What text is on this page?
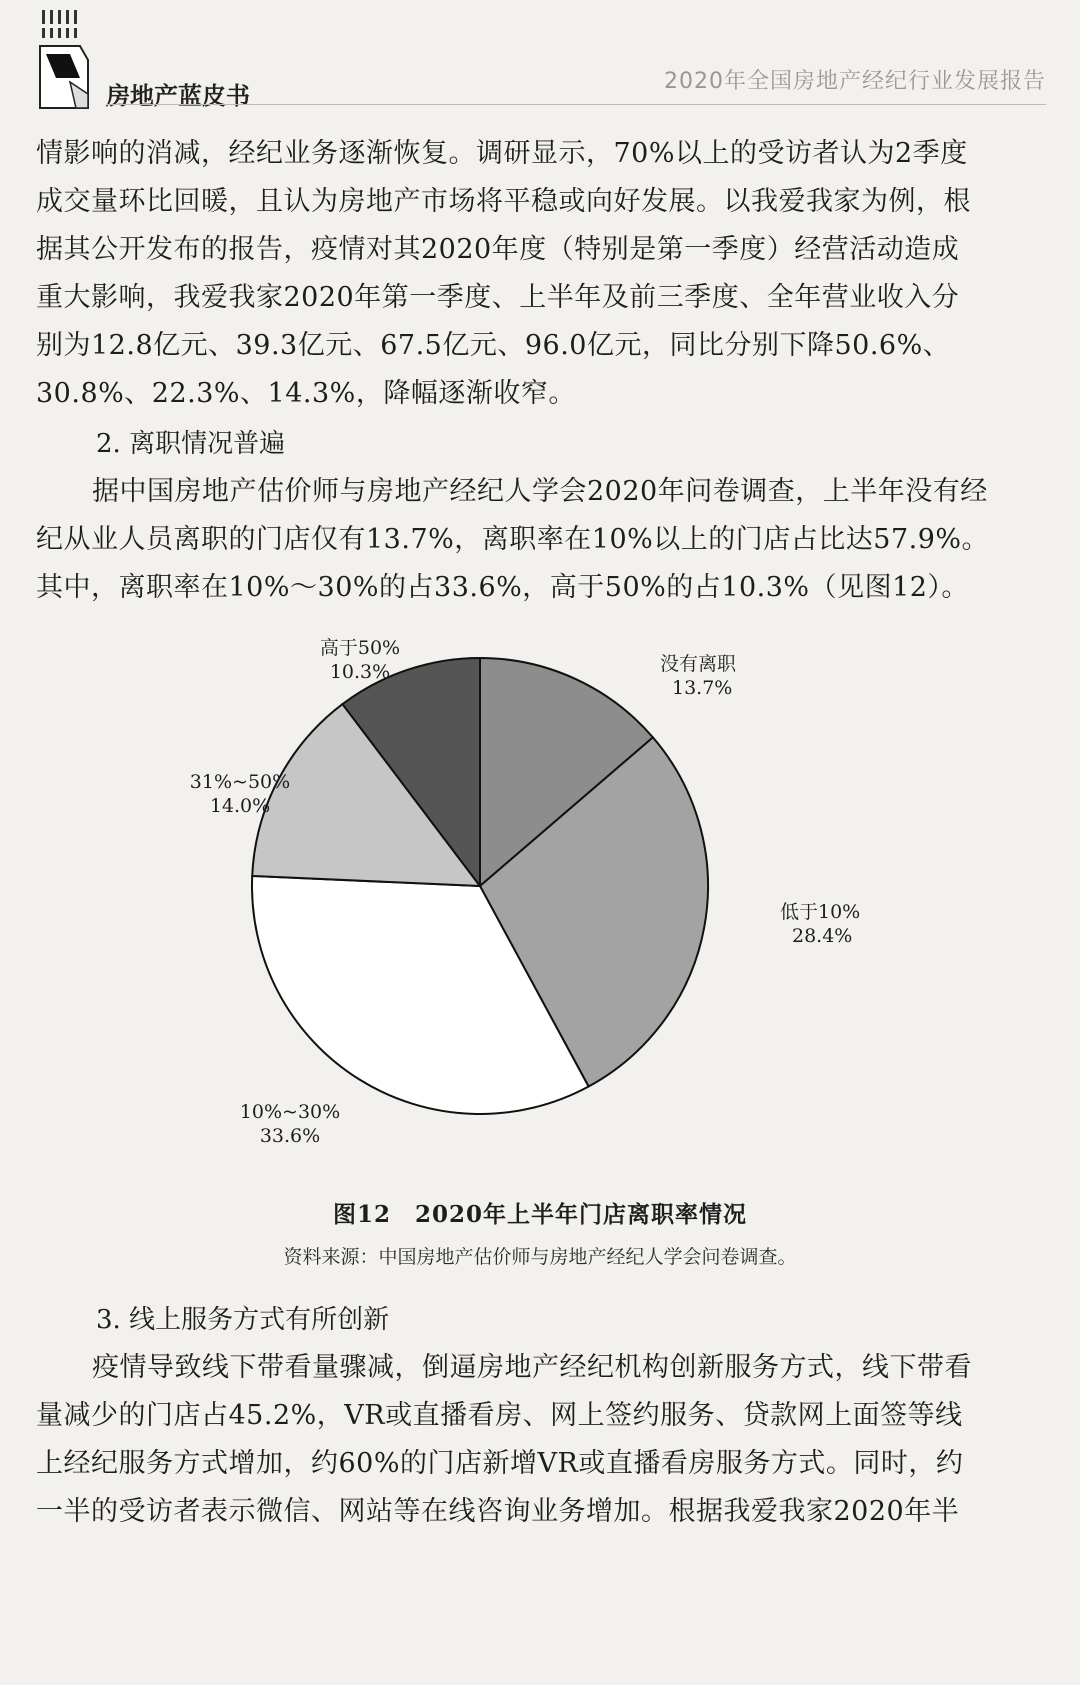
房地产蓝皮书
2020年全国房地产经纪行业发展报告

情影响的消减，经纪业务逐渐恢复。调研显示，70%以上的受访者认为2季度

成交量环比回暖，且认为房地产市场将平稳或向好发展。以我爱我家为例，根

据其公开发布的报告，疫情对其2020年度（特别是第一季度）经营活动造成

重大影响，我爱我家2020年第一季度、上半年及前三季度、全年营业收入分

别为12.8亿元、39.3亿元、67.5亿元、96.0亿元，同比分别下降50.6%、

30.8%、22.3%、14.3%，降幅逐渐收窄。

2. 离职情况普遍

据中国房地产估价师与房地产经纪人学会2020年问卷调查，上半年没有经

纪从业人员离职的门店仅有13.7%，离职率在10%以上的门店占比达57.9%。

其中，离职率在10%～30%的占33.6%，高于50%的占10.3%（见图12）。

没有离职
13.7%
低于10%
28.4%
10%~30%
33.6%
31%~50%
14.0%
高于50%
10.3%
图12　2020年上半年门店离职率情况
资料来源：中国房地产估价师与房地产经纪人学会问卷调查。

3. 线上服务方式有所创新

疫情导致线下带看量骤减，倒逼房地产经纪机构创新服务方式，线下带看

量减少的门店占45.2%，VR或直播看房、网上签约服务、贷款网上面签等线

上经纪服务方式增加，约60%的门店新增VR或直播看房服务方式。同时，约

一半的受访者表示微信、网站等在线咨询业务增加。根据我爱我家2020年半
